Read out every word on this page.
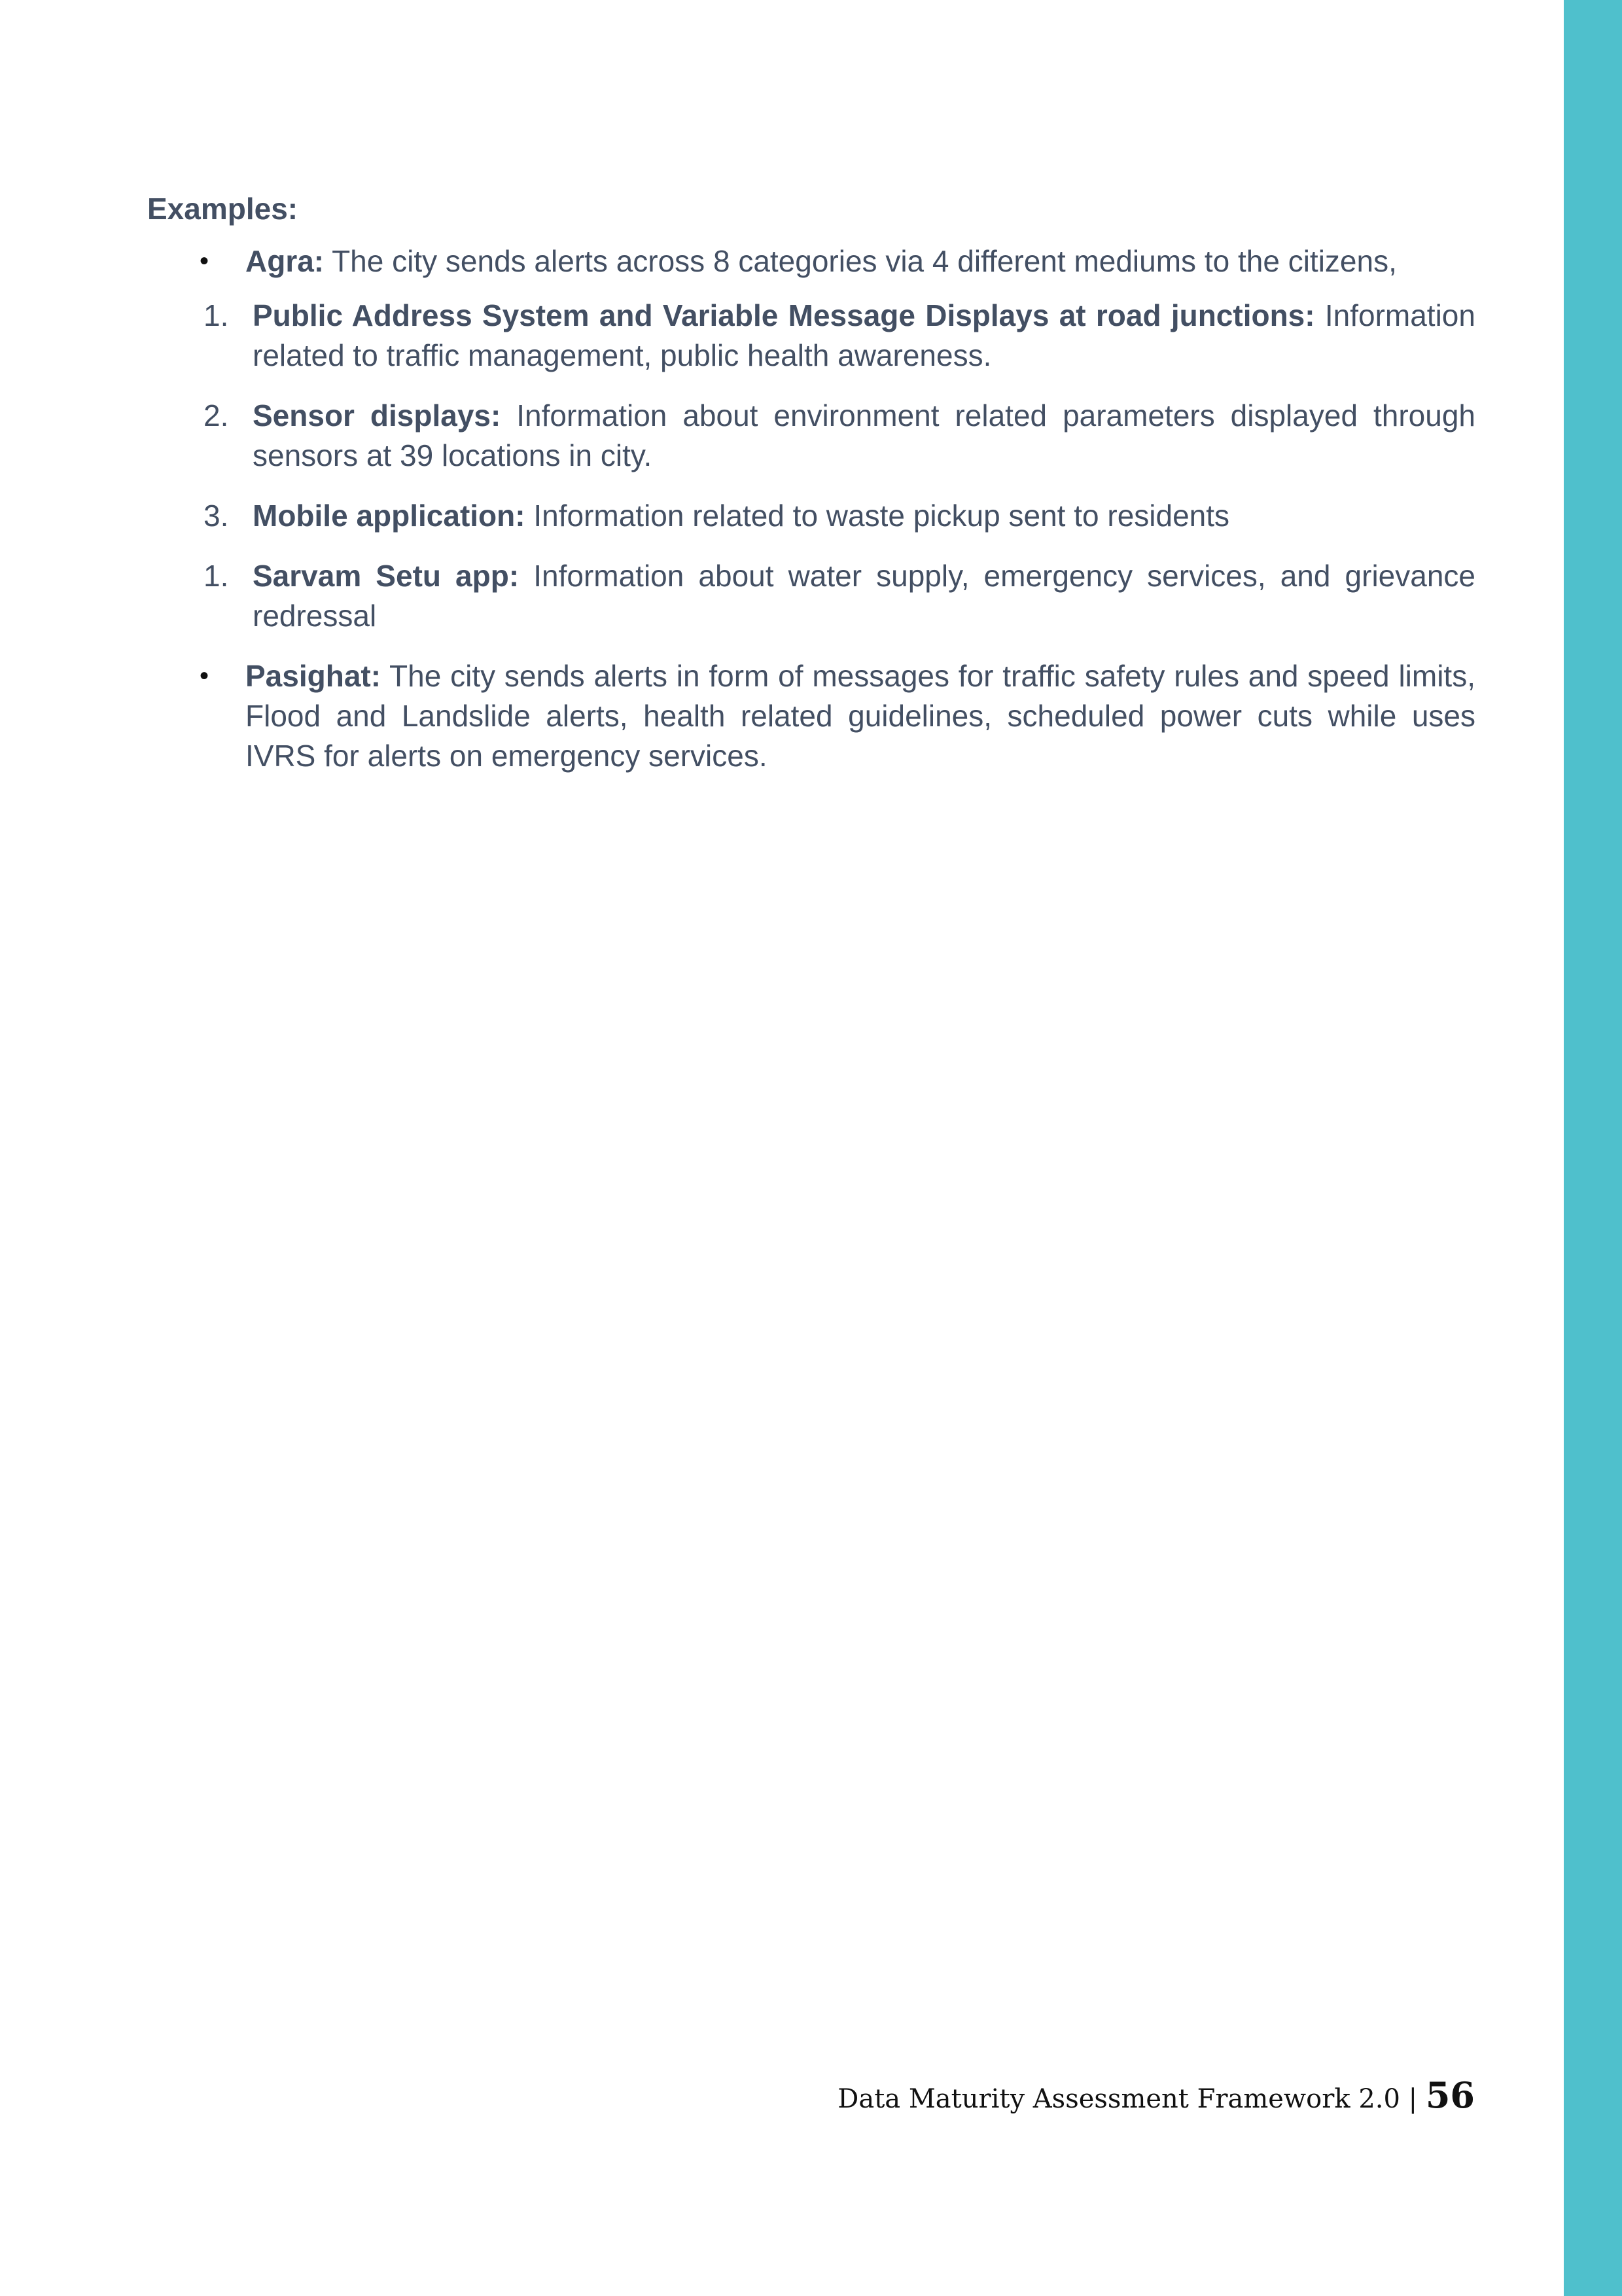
Examples:
• Agra: The city sends alerts across 8 categories via 4 different mediums to the citizens,
1. Public Address System and Variable Message Displays at road junctions: Information related to traffic management, public health awareness.
2. Sensor displays: Information about environment related parameters displayed through sensors at 39 locations in city.
3. Mobile application: Information related to waste pickup sent to residents
1. Sarvam Setu app: Information about water supply, emergency services, and grievance redressal
• Pasighat: The city sends alerts in form of messages for traffic safety rules and speed limits, Flood and Landslide alerts, health related guidelines, scheduled power cuts while uses IVRS for alerts on emergency services.
Data Maturity Assessment Framework 2.0 | 56
